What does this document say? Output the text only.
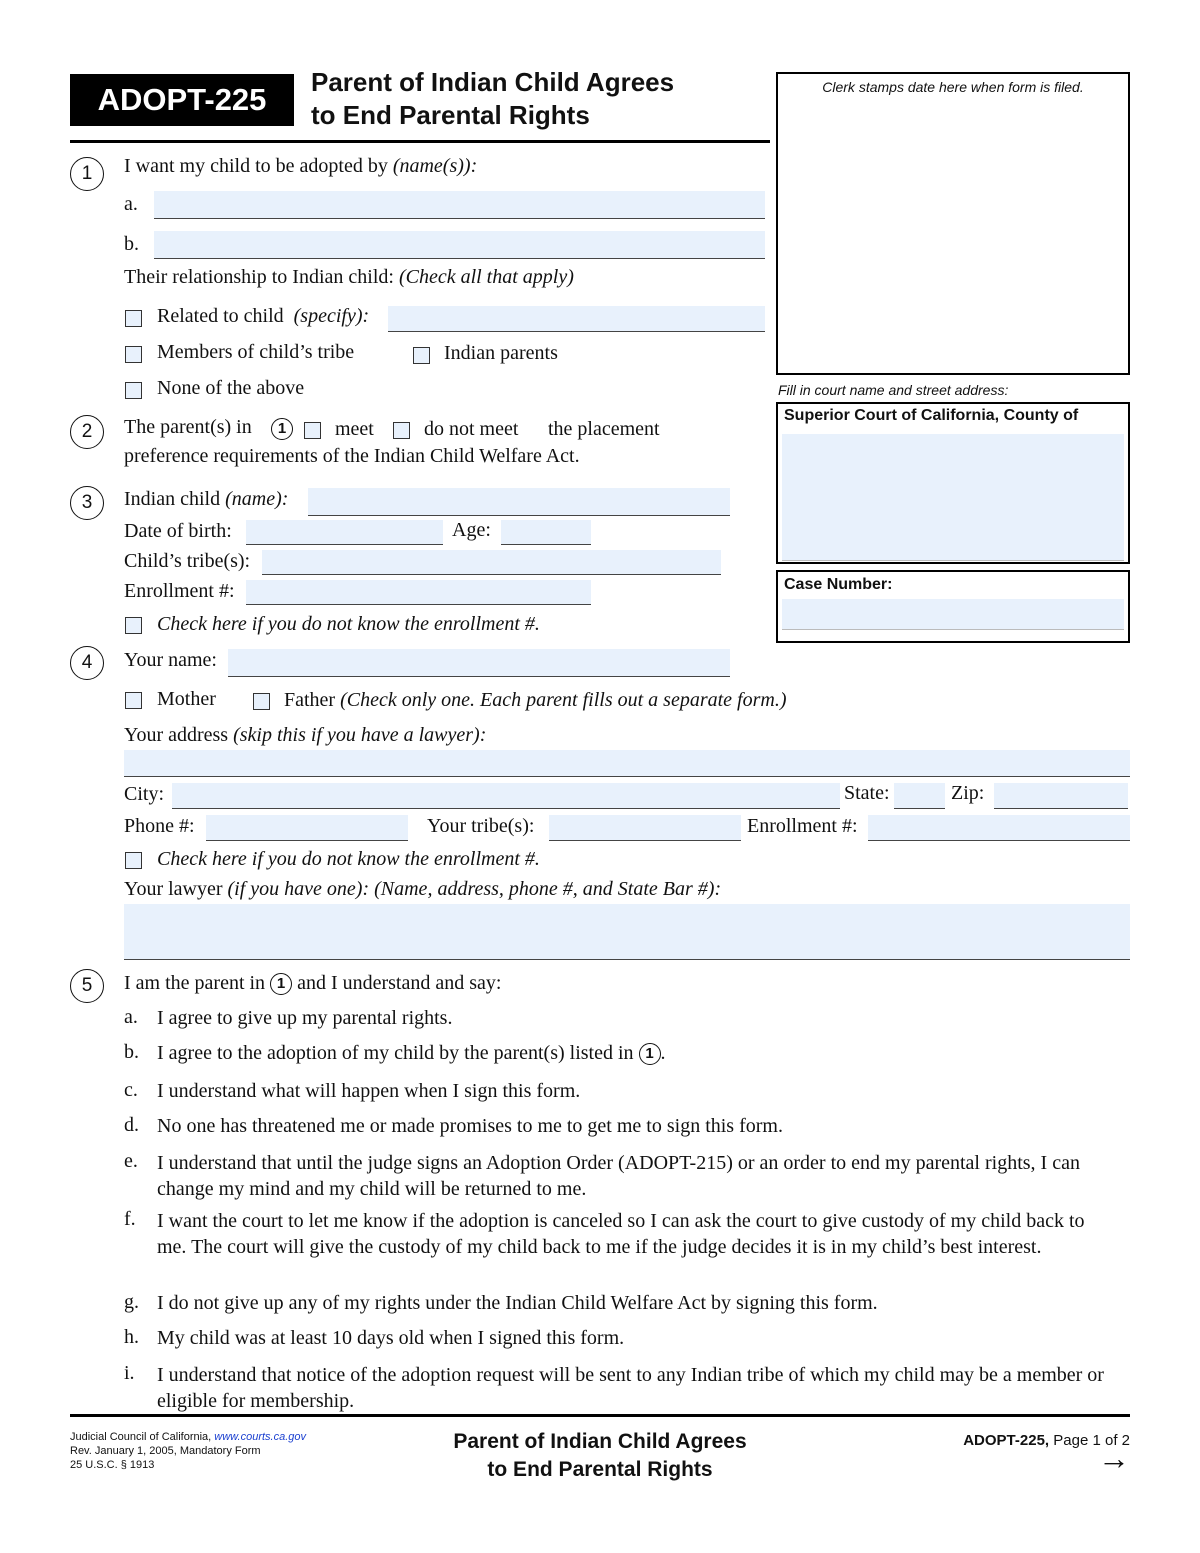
ADOPT-225	Parent of Indian Child Agrees
to End Parental Rights
Clerk stamps date here when form is filed.
Fill in court name and street address:
Superior Court of California, County of
Case Number:
1	I want my child to be adopted by (name(s)):
a.
b.
Their relationship to Indian child: (Check all that apply)
Related to child (specify):
Members of child’s tribe	Indian parents
None of the above
2	The parent(s) in	1	meet	do not meet the placement
preference requirements of the Indian Child Welfare Act.
3	Indian child (name):
Date of birth:	Age:
Child’s tribe(s):
Enrollment #:
Check here if you do not know the enrollment #.
4	Your name:
Mother	Father (Check only one. Each parent fills out a separate form.)
Your address (skip this if you have a lawyer):
City:	State:	Zip:
Phone #:	Your tribe(s):	Enrollment #:
Check here if you do not know the enrollment #.
Your lawyer (if you have one): (Name, address, phone #, and State Bar #):
5	I am the parent in 1 and I understand and say:
a. I agree to give up my parental rights.
b. I agree to the adoption of my child by the parent(s) listed in 1 .
c. I understand what will happen when I sign this form.
d. No one has threatened me or made promises to me to get me to sign this form.
e. I understand that until the judge signs an Adoption Order (ADOPT-215) or an order to end my parental rights, I can change my mind and my child will be returned to me.
f. I want the court to let me know if the adoption is canceled so I can ask the court to give custody of my child back to me. The court will give the custody of my child back to me if the judge decides it is in my child’s best interest.
g. I do not give up any of my rights under the Indian Child Welfare Act by signing this form.
h. My child was at least 10 days old when I signed this form.
i. I understand that notice of the adoption request will be sent to any Indian tribe of which my child may be a member or eligible for membership.
Judicial Council of California, www.courts.ca.gov
Rev. January 1, 2005, Mandatory Form
25 U.S.C. § 1913
Parent of Indian Child Agrees
to End Parental Rights
ADOPT-225, Page 1 of 2
→
